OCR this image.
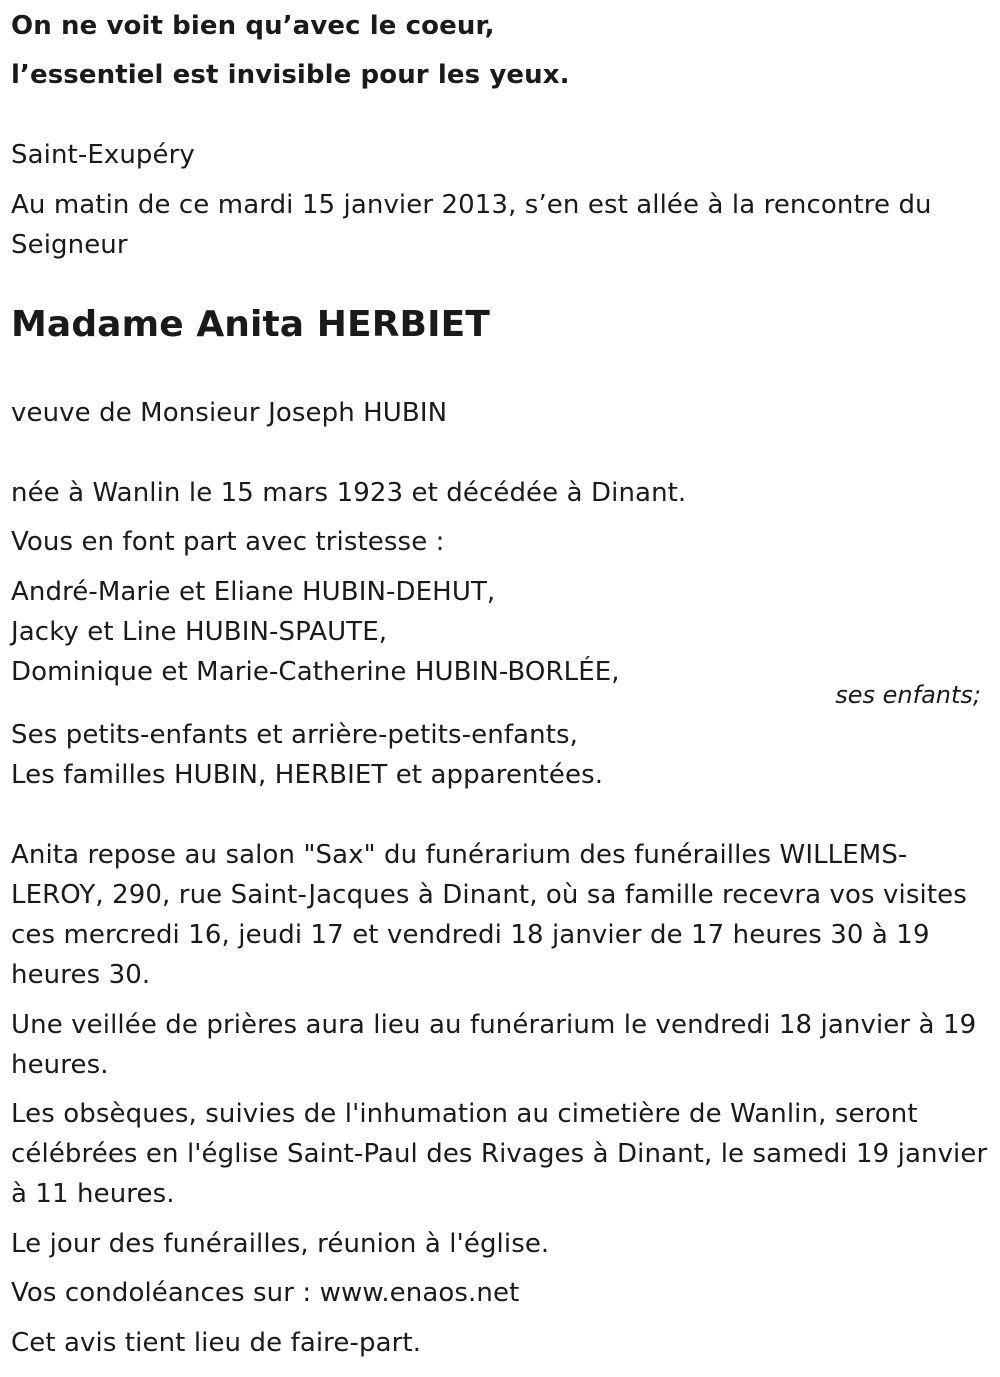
On ne voit bien qu’avec le coeur,
l’essentiel est invisible pour les yeux.
Saint-Exupéry
Au matin de ce mardi 15 janvier 2013, s’en est allée à la rencontre du
Seigneur
Madame Anita HERBIET
veuve de Monsieur Joseph HUBIN
née à Wanlin le 15 mars 1923 et décédée à Dinant.
Vous en font part avec tristesse :
André-Marie et Eliane HUBIN-DEHUT,
Jacky et Line HUBIN-SPAUTE,
Dominique et Marie-Catherine HUBIN-BORLÉE,
ses enfants;
Ses petits-enfants et arrière-petits-enfants,
Les familles HUBIN, HERBIET et apparentées.
Anita repose au salon "Sax" du funérarium des funérailles WILLEMS-
LEROY, 290, rue Saint-Jacques à Dinant, où sa famille recevra vos visites
ces mercredi 16, jeudi 17 et vendredi 18 janvier de 17 heures 30 à 19
heures 30.
Une veillée de prières aura lieu au funérarium le vendredi 18 janvier à 19
heures.
Les obsèques, suivies de l'inhumation au cimetière de Wanlin, seront
célébrées en l'église Saint-Paul des Rivages à Dinant, le samedi 19 janvier
à 11 heures.
Le jour des funérailles, réunion à l'église.
Vos condoléances sur : www.enaos.net
Cet avis tient lieu de faire-part.
